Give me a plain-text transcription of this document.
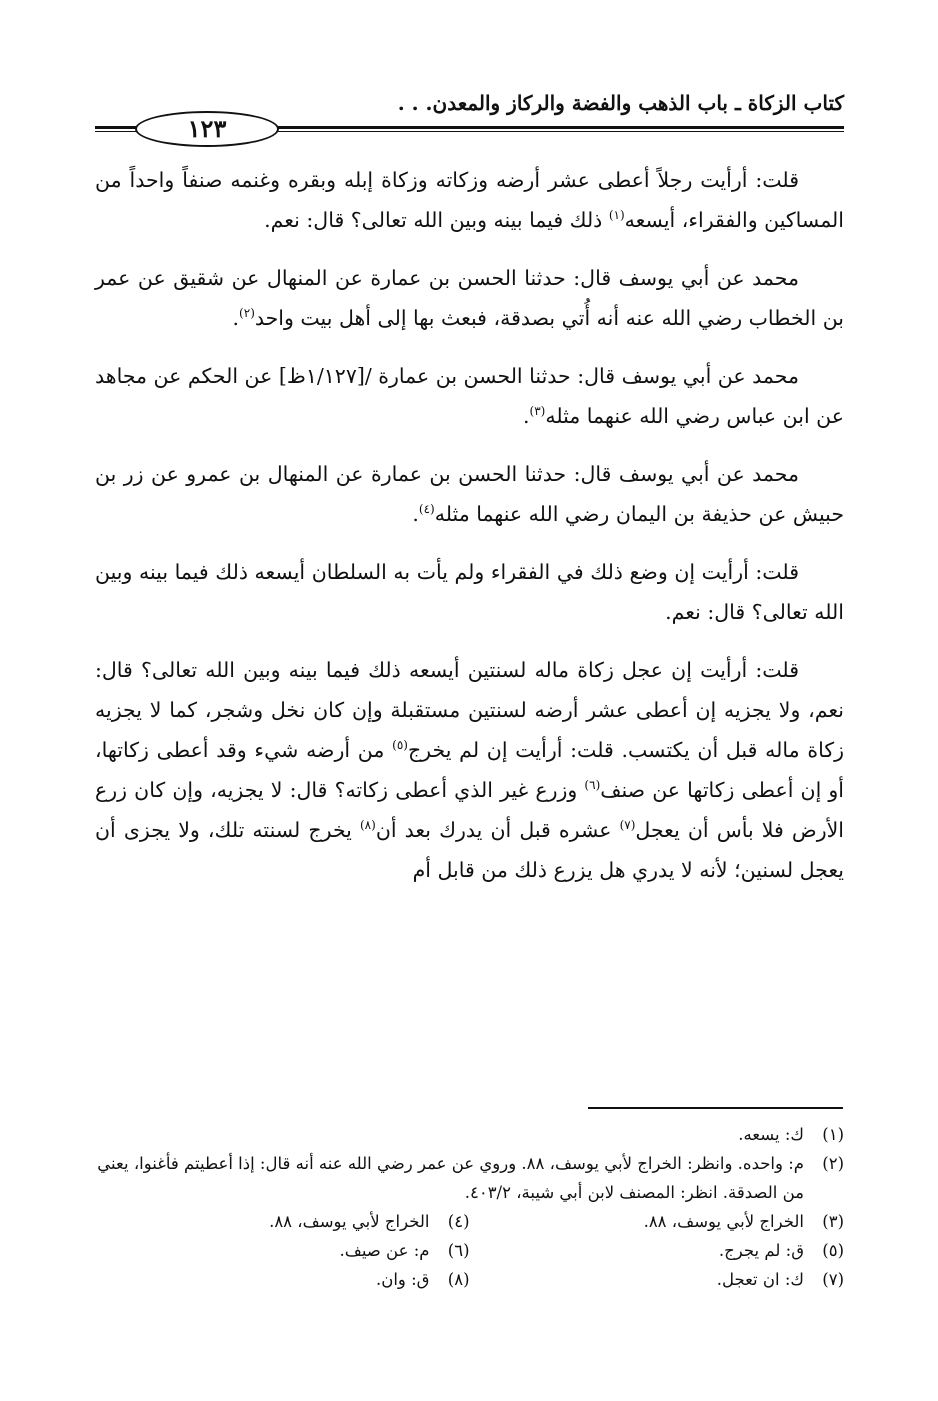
كتاب الزكاة ـ باب الذهب والفضة والركاز والمعدن. . .
١٢٣

قلت: أرأيت رجلاً أعطى عشر أرضه وزكاته وزكاة إبله وبقره وغنمه صنفاً واحداً من المساكين والفقراء، أيسعه$^{(١)}$ ذلك فيما بينه وبين الله تعالى؟ قال: نعم.

محمد عن أبي يوسف قال: حدثنا الحسن بن عمارة عن المنهال عن شقيق عن عمر بن الخطاب رضي الله عنه أنه أُتي بصدقة، فبعث بها إلى أهل بيت واحد$^{(٢)}$.

محمد عن أبي يوسف قال: حدثنا الحسن بن عمارة /[١/١٢٧ظ] عن الحكم عن مجاهد عن ابن عباس رضي الله عنهما مثله$^{(٣)}$.

محمد عن أبي يوسف قال: حدثنا الحسن بن عمارة عن المنهال بن عمرو عن زر بن حبيش عن حذيفة بن اليمان رضي الله عنهما مثله$^{(٤)}$.

قلت: أرأيت إن وضع ذلك في الفقراء ولم يأت به السلطان أيسعه ذلك فيما بينه وبين الله تعالى؟ قال: نعم.

قلت: أرأيت إن عجل زكاة ماله لسنتين أيسعه ذلك فيما بينه وبين الله تعالى؟ قال: نعم، ولا يجزيه إن أعطى عشر أرضه لسنتين مستقبلة وإن كان نخل وشجر، كما لا يجزيه زكاة ماله قبل أن يكتسب. قلت: أرأيت إن لم يخرج$^{(٥)}$ من أرضه شيء وقد أعطى زكاتها، أو إن أعطى زكاتها عن صنف$^{(٦)}$ وزرع غير الذي أعطى زكاته؟ قال: لا يجزيه، وإن كان زرع الأرض فلا بأس أن يعجل$^{(٧)}$ عشره قبل أن يدرك بعد أن$^{(٨)}$ يخرج لسنته تلك، ولا يجزى أن يعجل لسنين؛ لأنه لا يدري هل يزرع ذلك من قابل أم

(١)
ك: يسعه.
(٢)
م: واحده. وانظر: الخراج لأبي يوسف، ٨٨. وروي عن عمر رضي الله عنه أنه قال: إذا أعطيتم فأغنوا، يعني من الصدقة. انظر: المصنف لابن أبي شيبة، ٤٠٣/٢.
(٣)
الخراج لأبي يوسف، ٨٨.
(٤)
الخراج لأبي يوسف، ٨٨.
(٥)
ق: لم يجرج.
(٦)
م: عن صيف.
(٧)
ك: ان تعجل.
(٨)
ق: وان.
